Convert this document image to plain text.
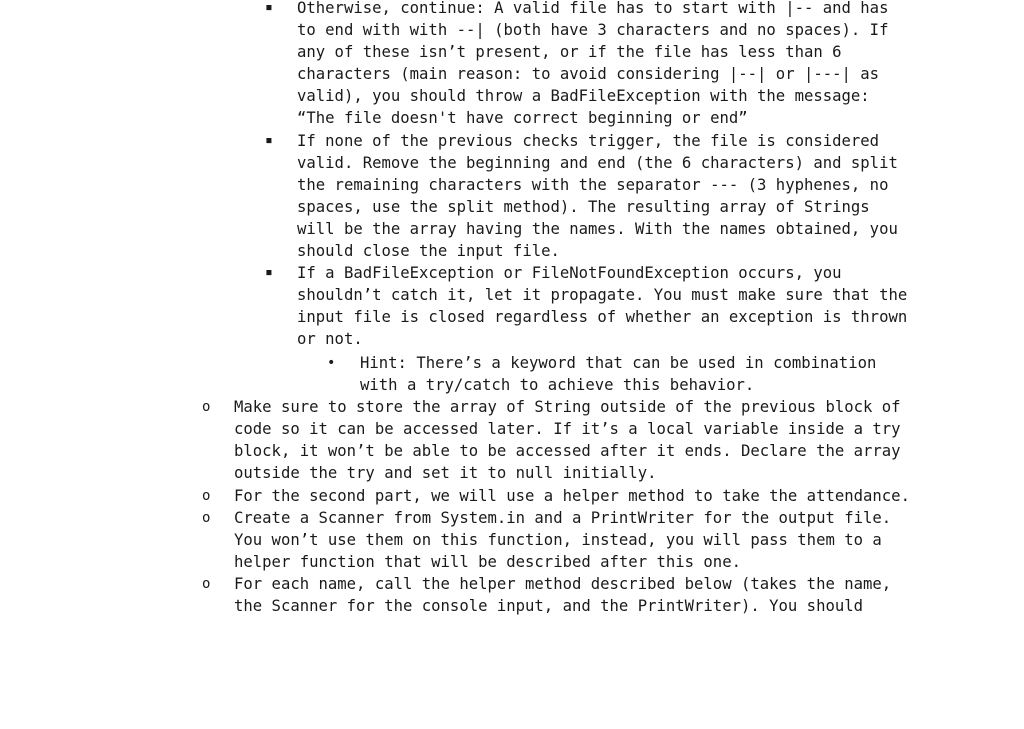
▪ Otherwise, continue: A valid file has to start with |-- and has
to end with with --| (both have 3 characters and no spaces). If
any of these isn’t present, or if the file has less than 6
characters (main reason: to avoid considering |--| or |---| as
valid), you should throw a BadFileException with the message:
“The file doesn't have correct beginning or end”
▪ If none of the previous checks trigger, the file is considered
valid. Remove the beginning and end (the 6 characters) and split
the remaining characters with the separator --- (3 hyphenes, no
spaces, use the split method). The resulting array of Strings
will be the array having the names. With the names obtained, you
should close the input file.
▪ If a BadFileException or FileNotFoundException occurs, you
shouldn’t catch it, let it propagate. You must make sure that the
input file is closed regardless of whether an exception is thrown
or not.
• Hint: There’s a keyword that can be used in combination
with a try/catch to achieve this behavior.
o Make sure to store the array of String outside of the previous block of
code so it can be accessed later. If it’s a local variable inside a try
block, it won’t be able to be accessed after it ends. Declare the array
outside the try and set it to null initially.
o For the second part, we will use a helper method to take the attendance.
o Create a Scanner from System.in and a PrintWriter for the output file.
You won’t use them on this function, instead, you will pass them to a
helper function that will be described after this one.
o For each name, call the helper method described below (takes the name,
the Scanner for the console input, and the PrintWriter). You should
